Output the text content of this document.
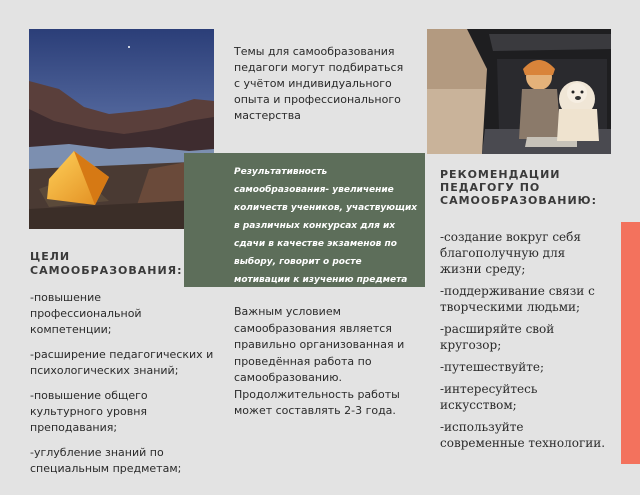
Темы для самообразования педагоги могут подбираться с учётом индивидуального опыта и профессионального мастерства
Результативность самообразования- увеличение количеств учеников, участвующих в различных конкурсах для их сдачи в качестве экзаменов по выбору, говорит о росте мотивации к изучению предмета
Важным условием самообразования является правильно организованная и проведённая работа по самообразованию. Продолжительность работы может составлять 2-3 года.
ЦЕЛИ САМООБРАЗОВАНИЯ:
-повышение профессиональной компетенции;
-расширение педагогических и психологических знаний;
-повышение общего культурного уровня преподавания;
-углубление знаний по специальным предметам;
РЕКОМЕНДАЦИИ ПЕДАГОГУ ПО САМООБРАЗОВАНИЮ:
-создание вокруг себя благополучную для жизни среду;
-поддерживание связи с творческими людьми;
-расширяйте свой кругозор;
-путешествуйте;
-интересуйтесь искусством;
-используйте современные технологии.
